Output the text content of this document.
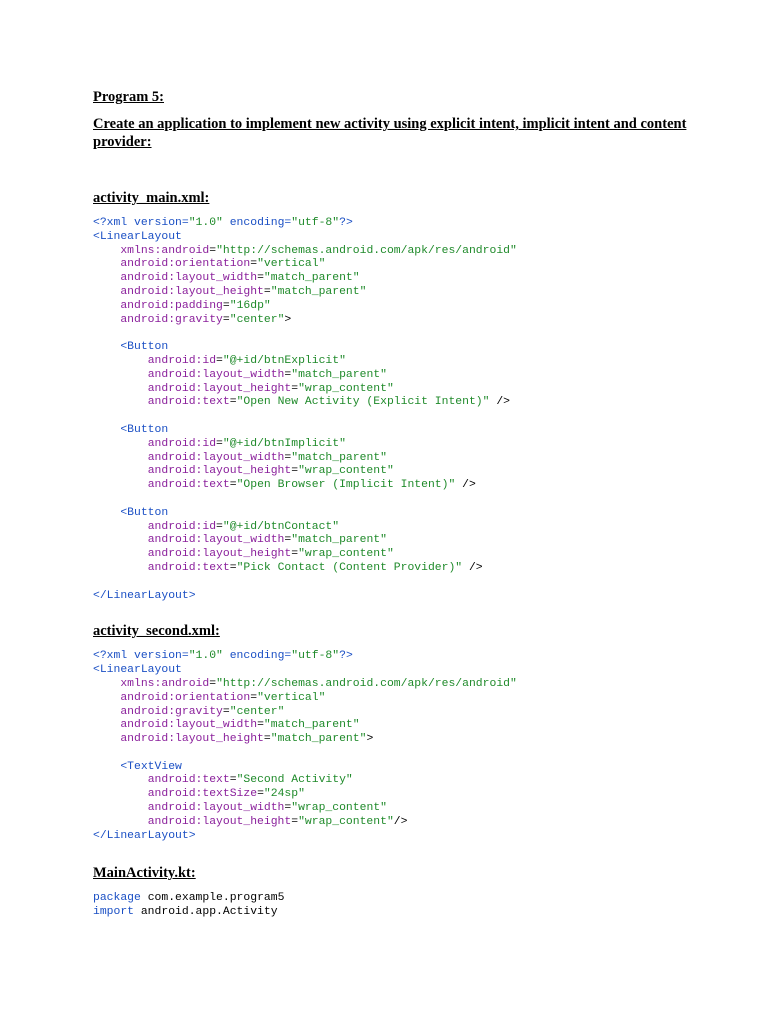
Program 5:

Create an application to implement new activity using explicit intent, implicit intent and content provider:

activity_main.xml:

<?xml version="1.0" encoding="utf-8"?>
<LinearLayout
xmlns:android="http://schemas.android.com/apk/res/android"
android:orientation="vertical"
android:layout_width="match_parent"
android:layout_height="match_parent"
android:padding="16dp"
android:gravity="center">
<Button
android:id="@+id/btnExplicit"
android:layout_width="match_parent"
android:layout_height="wrap_content"
android:text="Open New Activity (Explicit Intent)" />
<Button
android:id="@+id/btnImplicit"
android:layout_width="match_parent"
android:layout_height="wrap_content"
android:text="Open Browser (Implicit Intent)" />
<Button
android:id="@+id/btnContact"
android:layout_width="match_parent"
android:layout_height="wrap_content"
android:text="Pick Contact (Content Provider)" />
</LinearLayout>

activity_second.xml:

<?xml version="1.0" encoding="utf-8"?>
<LinearLayout
xmlns:android="http://schemas.android.com/apk/res/android"
android:orientation="vertical"
android:gravity="center"
android:layout_width="match_parent"
android:layout_height="match_parent">
<TextView
android:text="Second Activity"
android:textSize="24sp"
android:layout_width="wrap_content"
android:layout_height="wrap_content"/>
</LinearLayout>

MainActivity.kt:

package com.example.program5
import android.app.Activity
